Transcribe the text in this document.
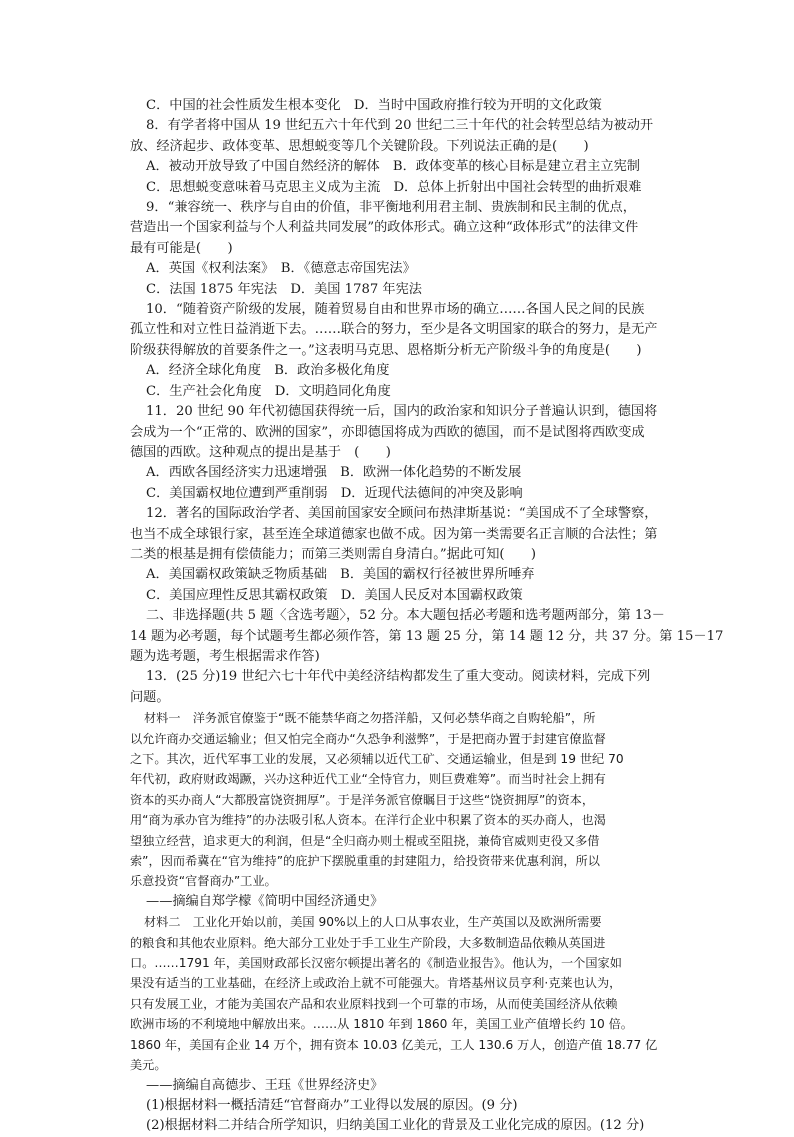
C．中国的社会性质发生根本变化　D．当时中国政府推行较为开明的文化政策
8．有学者将中国从 19 世纪五六十年代到 20 世纪二三十年代的社会转型总结为被动开
放、经济起步、政体变革、思想蜕变等几个关键阶段。下列说法正确的是(　　)
A．被动开放导致了中国自然经济的解体　B．政体变革的核心目标是建立君主立宪制
C．思想蜕变意味着马克思主义成为主流　D．总体上折射出中国社会转型的曲折艰难
9．“兼容统一、秩序与自由的价值，非平衡地利用君主制、贵族制和民主制的优点，
营造出一个国家利益与个人利益共同发展”的政体形式。确立这种“政体形式”的法律文件
最有可能是(　　)
A．英国《权利法案》　B．《德意志帝国宪法》
C．法国 1875 年宪法　D．美国 1787 年宪法
10．“随着资产阶级的发展，随着贸易自由和世界市场的确立……各国人民之间的民族
孤立性和对立性日益消逝下去。……联合的努力，至少是各文明国家的联合的努力，是无产
阶级获得解放的首要条件之一。”这表明马克思、恩格斯分析无产阶级斗争的角度是(　　)
A．经济全球化角度　B．政治多极化角度
C．生产社会化角度　D．文明趋同化角度
11．20 世纪 90 年代初德国获得统一后，国内的政治家和知识分子普遍认识到，德国将
会成为一个“正常的、欧洲的国家”，亦即德国将成为西欧的德国，而不是试图将西欧变成
德国的西欧。这种观点的提出是基于　(　　)
A．西欧各国经济实力迅速增强　B．欧洲一体化趋势的不断发展
C．美国霸权地位遭到严重削弱　D．近现代法德间的冲突及影响
12．著名的国际政治学者、美国前国家安全顾问布热津斯基说：“美国成不了全球警察，
也当不成全球银行家，甚至连全球道德家也做不成。因为第一类需要名正言顺的合法性；第
二类的根基是拥有偿债能力；而第三类则需自身清白。”据此可知(　　)
A．美国霸权政策缺乏物质基础　B．美国的霸权行径被世界所唾弃
C．美国应理性反思其霸权政策　D．美国人民反对本国霸权政策
二、非选择题(共 5 题〈含选考题〉，52 分。本大题包括必考题和选考题两部分，第 13－
14 题为必考题，每个试题考生都必须作答，第 13 题 25 分，第 14 题 12 分，共 37 分。第 15－17
题为选考题，考生根据需求作答)
13．(25 分)19 世纪六七十年代中美经济结构都发生了重大变动。阅读材料，完成下列
问题。
材料一　洋务派官僚鉴于“既不能禁华商之勿搭洋船，又何必禁华商之自购轮船”，所
以允许商办交通运输业；但又怕完全商办“久恐争利滋弊”，于是把商办置于封建官僚监督
之下。其次，近代军事工业的发展，又必须辅以近代工矿、交通运输业，但是到 19 世纪 70
年代初，政府财政竭蹶，兴办这种近代工业“全恃官力，则巨费难筹”。而当时社会上拥有
资本的买办商人“大都殷富饶资拥厚”。于是洋务派官僚瞩目于这些“饶资拥厚”的资本，
用“商为承办官为维持”的办法吸引私人资本。在洋行企业中积累了资本的买办商人，也渴
望独立经营，追求更大的利润，但是“全归商办则土棍或至阻挠，兼倚官威则吏役又多借
索”，因而希冀在“官为维持”的庇护下摆脱重重的封建阻力，给投资带来优惠利润，所以
乐意投资“官督商办”工业。
——摘编自郑学檬《简明中国经济通史》
材料二　工业化开始以前，美国 90%以上的人口从事农业，生产英国以及欧洲所需要
的粮食和其他农业原料。绝大部分工业处于手工业生产阶段，大多数制造品依赖从英国进
口。……1791 年，美国财政部长汉密尔顿提出著名的《制造业报告》。他认为，一个国家如
果没有适当的工业基础，在经济上或政治上就不可能强大。肯塔基州议员亨利·克莱也认为，
只有发展工业，才能为美国农产品和农业原料找到一个可靠的市场，从而使美国经济从依赖
欧洲市场的不利境地中解放出来。……从 1810 年到 1860 年，美国工业产值增长约 10 倍。
1860 年，美国有企业 14 万个，拥有资本 10.03 亿美元，工人 130.6 万人，创造产值 18.77 亿
美元。
——摘编自高德步、王珏《世界经济史》
(1)根据材料一概括清廷“官督商办”工业得以发展的原因。(9 分)
(2)根据材料二并结合所学知识，归纳美国工业化的背景及工业化完成的原因。(12 分)
